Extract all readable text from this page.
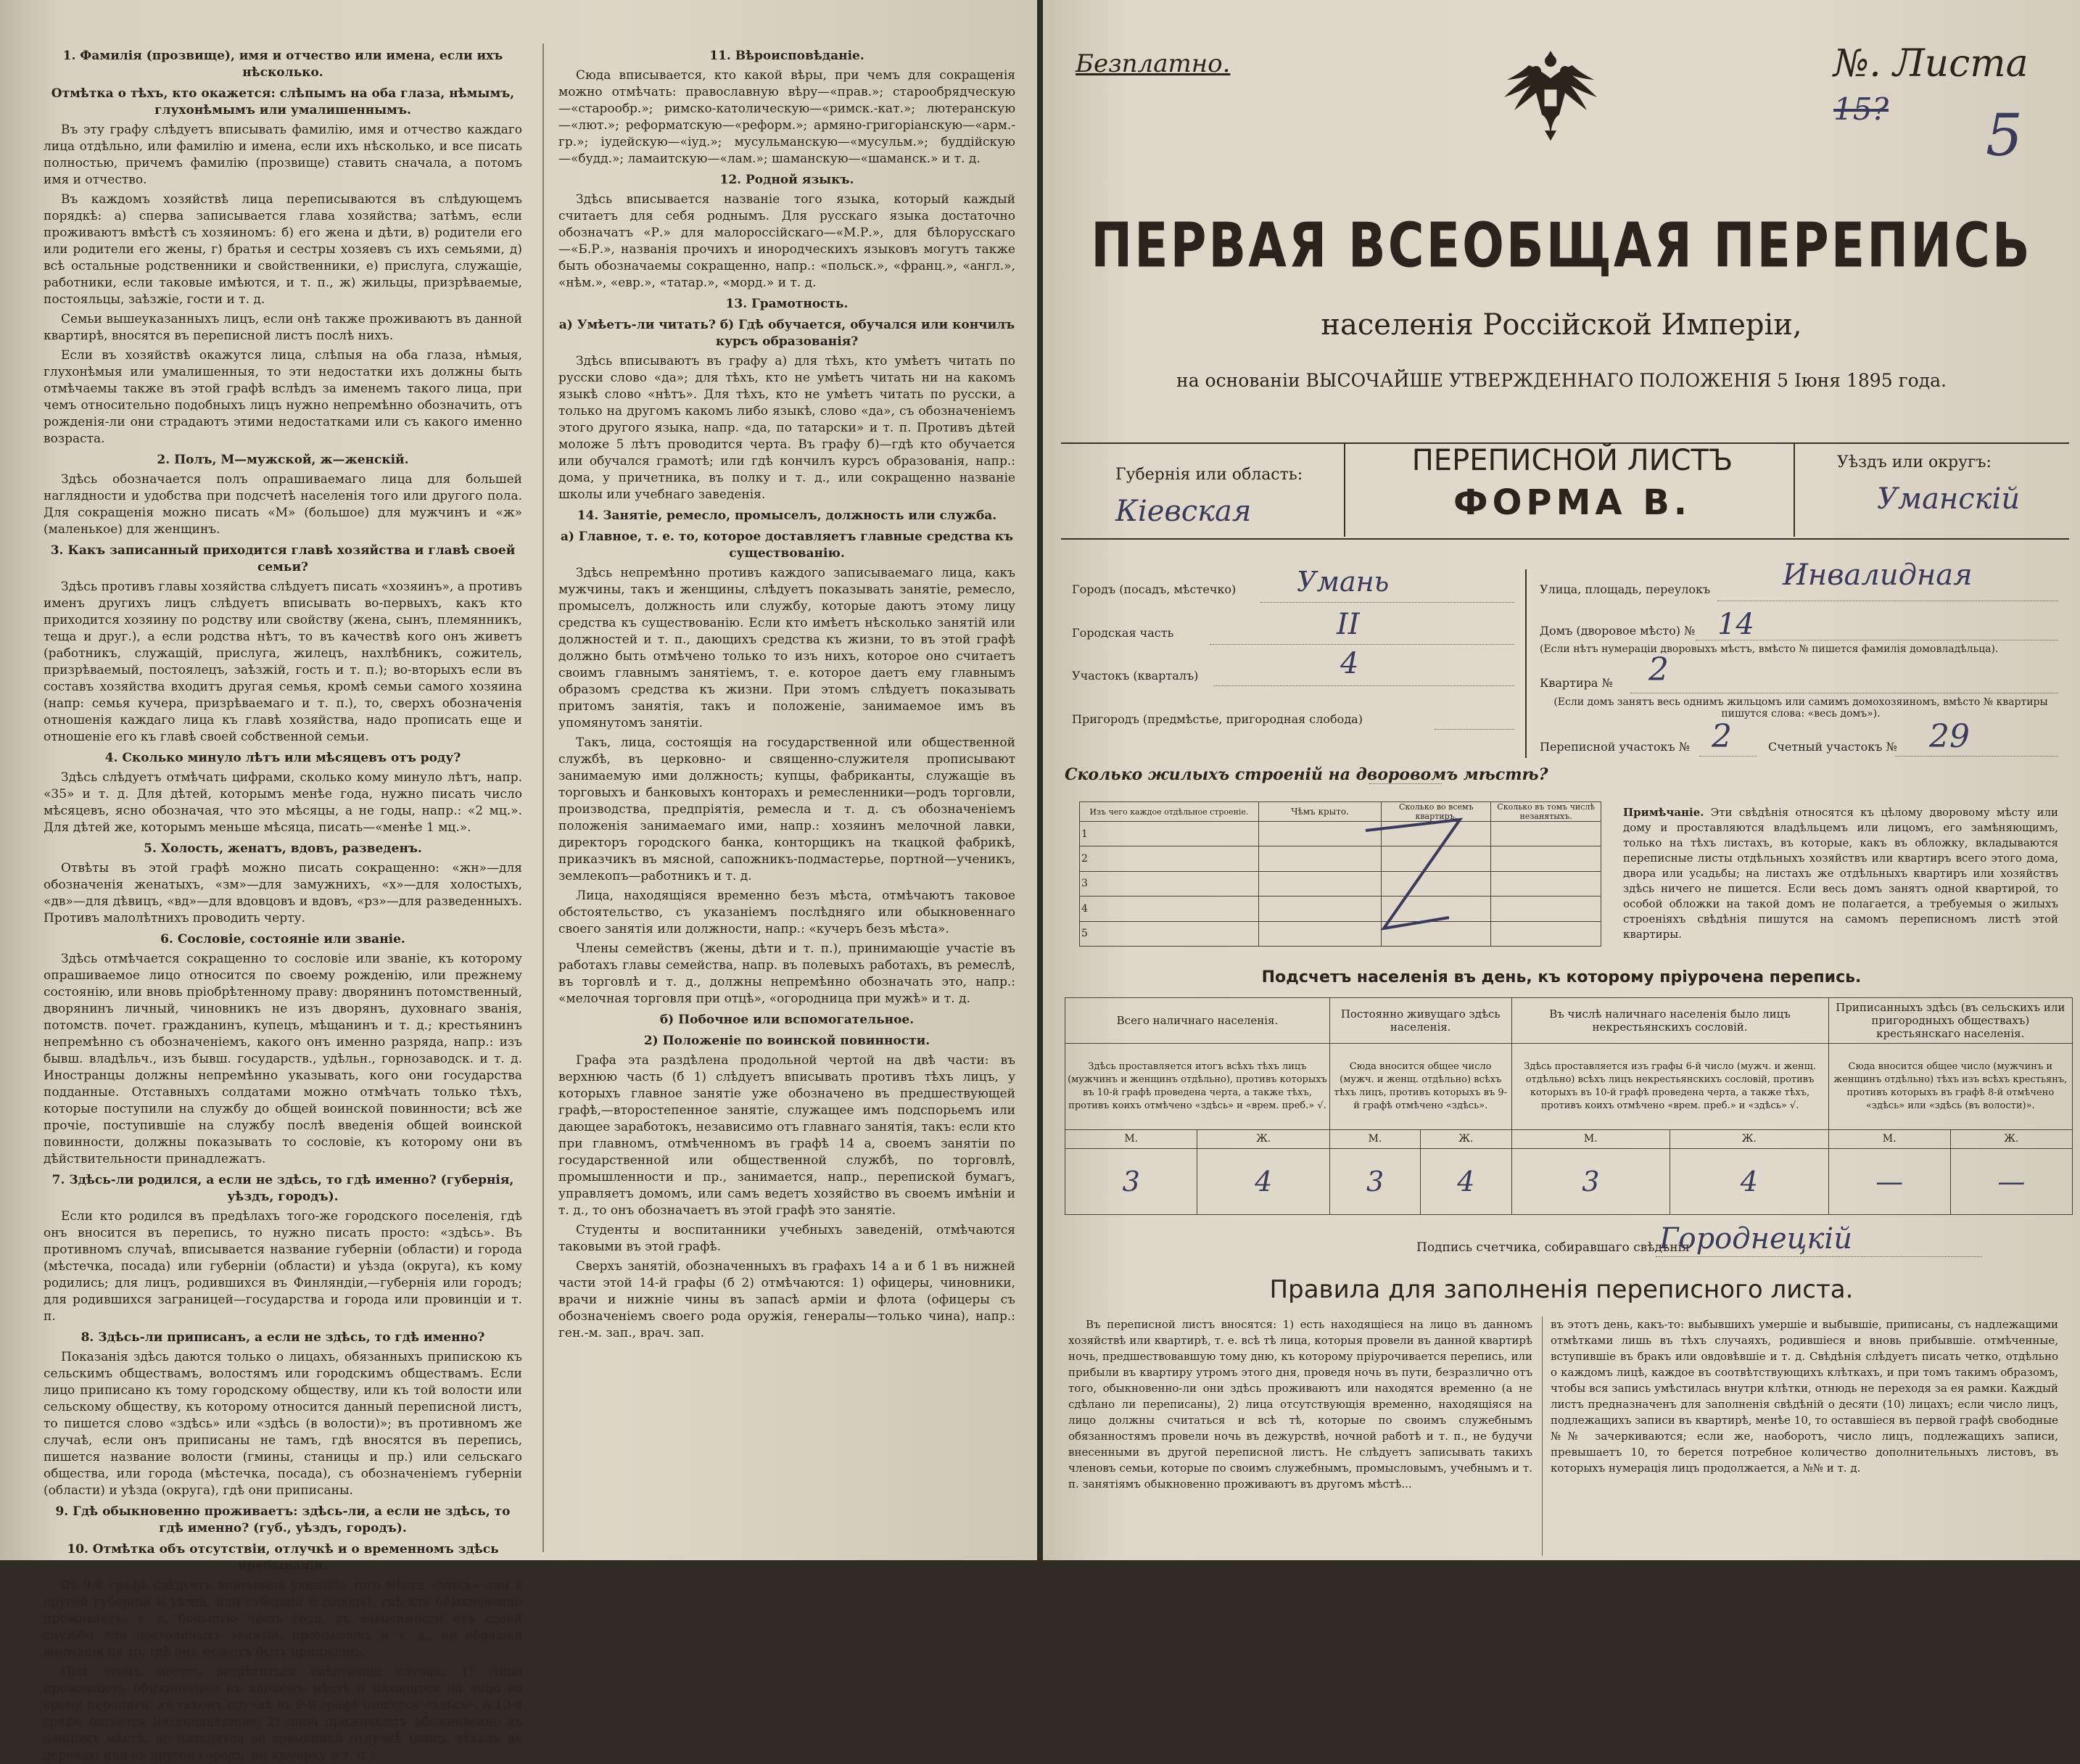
1. Фамилія (прозвище), имя и отчество или имена, если ихъ нѣсколько.
Отмѣтка о тѣхъ, кто окажется: слѣпымъ на оба глаза, нѣмымъ, глухонѣмымъ или умалишеннымъ.

Въ эту графу слѣдуетъ вписывать фамилію, имя и отчество каждаго лица отдѣльно, или фамилію и имена, если ихъ нѣсколько, и все писать полностью, причемъ фамилію (прозвище) ставить сначала, а потомъ имя и отчество.

Въ каждомъ хозяйствѣ лица переписываются въ слѣдующемъ порядкѣ: а) сперва записывается глава хозяйства; затѣмъ, если проживаютъ вмѣстѣ съ хозяиномъ: б) его жена и дѣти, в) родители его или родители его жены, г) братья и сестры хозяевъ съ ихъ семьями, д) всѣ остальные родственники и свойственники, е) прислуга, служащіе, работники, если таковые имѣются, и т. п., ж) жильцы, призрѣваемые, постояльцы, заѣзжіе, гости и т. д.

Семьи вышеуказанныхъ лицъ, если онѣ также проживаютъ въ данной квартирѣ, вносятся въ переписной листъ послѣ нихъ.

Если въ хозяйствѣ окажутся лица, слѣпыя на оба глаза, нѣмыя, глухонѣмыя или умалишенныя, то эти недостатки ихъ должны быть отмѣчаемы также въ этой графѣ вслѣдъ за именемъ такого лица, при чемъ относительно подобныхъ лицъ нужно непремѣнно обозначить, отъ рожденія-ли они страдаютъ этими недостатками или съ какого именно возраста.

2. Полъ, М—мужской, ж—женскій.

Здѣсь обозначается полъ опрашиваемаго лица для большей наглядности и удобства при подсчетѣ населенія того или другого пола. Для сокращенія можно писать «М» (большое) для мужчинъ и «ж» (маленькое) для женщинъ.

3. Какъ записанный приходится главѣ хозяйства и главѣ своей семьи?

Здѣсь противъ главы хозяйства слѣдуетъ писать «хозяинъ», а противъ именъ другихъ лицъ слѣдуетъ вписывать во-первыхъ, какъ кто приходится хозяину по родству или свойству (жена, сынъ, племянникъ, теща и друг.), а если родства нѣтъ, то въ качествѣ кого онъ живетъ (работникъ, служащій, прислуга, жилецъ, нахлѣбникъ, сожитель, призрѣваемый, постоялецъ, заѣзжій, гость и т. п.); во-вторыхъ если въ составъ хозяйства входитъ другая семья, кромѣ семьи самого хозяина (напр: семья кучера, призрѣваемаго и т. п.), то, сверхъ обозначенія отношенія каждаго лица къ главѣ хозяйства, надо прописать еще и отношеніе его къ главѣ своей собственной семьи.

4. Сколько минуло лѣтъ или мѣсяцевъ отъ роду?

Здѣсь слѣдуетъ отмѣчать цифрами, сколько кому минуло лѣтъ, напр. «35» и т. д. Для дѣтей, которымъ менѣе года, нужно писать число мѣсяцевъ, ясно обозначая, что это мѣсяцы, а не годы, напр.: «2 мц.». Для дѣтей же, которымъ меньше мѣсяца, писать—«менѣе 1 мц.».

5. Холость, женатъ, вдовъ, разведенъ.

Отвѣты въ этой графѣ можно писать сокращенно: «жн»—для обозначенія женатыхъ, «зм»—для замужнихъ, «х»—для холостыхъ, «дв»—для дѣвицъ, «вд»—для вдовцовъ и вдовъ, «рз»—для разведенныхъ. Противъ малолѣтнихъ проводить черту.

6. Сословіе, состояніе или званіе.

Здѣсь отмѣчается сокращенно то сословіе или званіе, къ которому опрашиваемое лицо относится по своему рожденію, или прежнему состоянію, или вновь пріобрѣтенному праву: дворянинъ потомственный, дворянинъ личный, чиновникъ не изъ дворянъ, духовнаго званія, потомств. почет. гражданинъ, купецъ, мѣщанинъ и т. д.; крестьянинъ непремѣнно съ обозначеніемъ, какого онъ именно разряда, напр.: изъ бывш. владѣльч., изъ бывш. государств., удѣльн., горнозаводск. и т. д. Иностранцы должны непремѣнно указывать, кого они государства подданные. Отставныхъ солдатами можно отмѣчать только тѣхъ, которые поступили на службу до общей воинской повинности; всѣ же прочіе, поступившіе на службу послѣ введенія общей воинской повинности, должны показывать то сословіе, къ которому они въ дѣйствительности принадлежатъ.

7. Здѣсь-ли родился, а если не здѣсь, то гдѣ именно? (губернія, уѣздъ, городъ).

Если кто родился въ предѣлахъ того-же городского поселенія, гдѣ онъ вносится въ перепись, то нужно писать просто: «здѣсь». Въ противномъ случаѣ, вписывается название губерніи (области) и города (мѣстечка, посада) или губерніи (области) и уѣзда (округа), къ кому родились; для лицъ, родившихся въ Финляндіи,—губернія или городъ; для родившихся заграницей—государства и города или провинціи и т. п.

8. Здѣсь-ли приписанъ, а если не здѣсь, то гдѣ именно?

Показанія здѣсь даются только о лицахъ, обязанныхъ припискою къ сельскимъ обществамъ, волостямъ или городскимъ обществамъ. Если лицо приписано къ тому городскому обществу, или къ той волости или сельскому обществу, къ которому относится данный переписной листъ, то пишется слово «здѣсь» или «здѣсь (в волости)»; въ противномъ же случаѣ, если онъ приписаны не тамъ, гдѣ вносятся въ перепись, пишется название волости (гмины, станицы и пр.) или сельскаго общества, или города (мѣстечка, посада), съ обозначеніемъ губерніи (области) и уѣзда (округа), гдѣ они приписаны.

9. Гдѣ обыкновенно проживаетъ: здѣсь-ли, а если не здѣсь, то гдѣ именно? (губ., уѣздъ, городъ).
10. Отмѣтка объ отсутствіи, отлучкѣ и о временномъ здѣсь пребываніи.

Въ 9-й графѣ слѣдуетъ вписывать указаніе того мѣста «здѣсь» или в другой губерніи и уѣзда, или губерніи и города), гдѣ кто обыкновенно проживаетъ, т. е. большую часть года, въ зависимости отъ своей службы или постоянныхъ занятій, промысловъ и т. д., не обращая вниманія на то, гдѣ онъ можетъ быть приписанъ.

При этомъ могутъ встрѣтиться слѣдующіе случаи: 1) Лица проживаютъ обыкновенно въ данномъ мѣстѣ и находятся на лицо во время переписи: въ такомъ случаѣ въ 9-й графѣ пишется «здѣсь», а 10-я графа остается незаполненною; 2) лица проживаютъ обыкновенно въ данномъ мѣстѣ, но находятся во временной отлучкѣ (напр. уѣхалъ въ деревню или въ другой городъ, на ярмарку и т. п.).

11. Вѣроисповѣданіе.

Сюда вписывается, кто какой вѣры, при чемъ для сокращенія можно отмѣчать: православную вѣру—«прав.»; старообрядческую—«старообр.»; римско-католическую—«римск.-кат.»; лютеранскую—«лют.»; реформатскую—«реформ.»; армяно-григоріанскую—«арм.-гр.»; іудейскую—«іуд.»; мусульманскую—«мусульм.»; буддійскую—«будд.»; ламаитскую—«лам.»; шаманскую—«шаманск.» и т. д.

12. Родной языкъ.

Здѣсь вписывается названіе того языка, который каждый считаетъ для себя роднымъ. Для русскаго языка достаточно обозначатъ «Р.» для малороссійскаго—«М.Р.», для бѣлорусскаго—«Б.Р.», названія прочихъ и инородческихъ языковъ могутъ также быть обозначаемы сокращенно, напр.: «польск.», «франц.», «англ.», «нѣм.», «евр.», «татар.», «морд.» и т. д.

13. Грамотность.
а) Умѣетъ-ли читать? б) Гдѣ обучается, обучался или кончилъ курсъ образованія?

Здѣсь вписываютъ въ графу а) для тѣхъ, кто умѣетъ читать по русски слово «да»; для тѣхъ, кто не умѣетъ читать ни на какомъ языкѣ слово «нѣтъ». Для тѣхъ, кто не умѣетъ читать по русски, а только на другомъ какомъ либо языкѣ, слово «да», съ обозначеніемъ этого другого языка, напр. «да, по татарски» и т. п. Противъ дѣтей моложе 5 лѣтъ проводится черта. Въ графу б)—гдѣ кто обучается или обучался грамотѣ; или гдѣ кончилъ курсъ образованія, напр.: дома, у причетника, въ полку и т. д., или сокращенно названіе школы или учебнаго заведенія.

14. Занятіе, ремесло, промыселъ, должность или служба.
а) Главное, т. е. то, которое доставляетъ главные средства къ существованію.

Здѣсь непремѣнно противъ каждого записываемаго лица, какъ мужчины, такъ и женщины, слѣдуетъ показывать занятіе, ремесло, промыселъ, должность или службу, которые даютъ этому лицу средства къ существованію. Если кто имѣетъ нѣсколько занятій или должностей и т. п., дающихъ средства къ жизни, то въ этой графѣ должно быть отмѣчено только то изъ нихъ, которое оно считаетъ своимъ главнымъ занятіемъ, т. е. которое даетъ ему главнымъ образомъ средства къ жизни. При этомъ слѣдуетъ показывать притомъ занятія, такъ и положеніе, занимаемое имъ въ упомянутомъ занятіи.

Такъ, лица, состоящія на государственной или общественной службѣ, въ церковно- и священно-служителя прописывают занимаемую ими должность; купцы, фабриканты, служащіе въ торговыхъ и банковыхъ конторахъ и ремесленники—родъ торговли, производства, предпріятія, ремесла и т. д. съ обозначеніемъ положенія занимаемаго ими, напр.: хозяинъ мелочной лавки, директоръ городского банка, конторщикъ на ткацкой фабрикѣ, приказчикъ въ мясной, сапожникъ-подмастерье, портной—ученикъ, землекопъ—работникъ и т. д.

Лица, находящіяся временно безъ мѣста, отмѣчаютъ таковое обстоятельство, съ указаніемъ послѣдняго или обыкновеннаго своего занятія или должности, напр.: «кучеръ безъ мѣста».

Члены семействъ (жены, дѣти и т. п.), принимающіе участіе въ работахъ главы семейства, напр. въ полевыхъ работахъ, въ ремеслѣ, въ торговлѣ и т. д., должны непремѣнно обозначать это, напр.: «мелочная торговля при отцѣ», «огородница при мужѣ» и т. д.

б) Побочное или вспомогательное.
2) Положеніе по воинской повинности.

Графа эта раздѣлена продольной чертой на двѣ части: въ верхнюю часть (б 1) слѣдуетъ вписывать противъ тѣхъ лицъ, у которыхъ главное занятіе уже обозначено въ предшествующей графѣ,—второстепенное занятіе, служащее имъ подспорьемъ или дающее заработокъ, независимо отъ главнаго занятія, такъ: если кто при главномъ, отмѣченномъ въ графѣ 14 а, своемъ занятіи по государственной или общественной службѣ, по торговлѣ, промышленности и пр., занимается, напр., перепиской бумагъ, управляетъ домомъ, или самъ ведетъ хозяйство въ своемъ имѣніи и т. д., то онъ обозначаетъ въ этой графѣ это занятіе.

Студенты и воспитанники учебныхъ заведеній, отмѣчаются таковыми въ этой графѣ.

Сверхъ занятій, обозначенныхъ въ графахъ 14 а и б 1 въ нижней части этой 14-й графы (б 2) отмѣчаются: 1) офицеры, чиновники, врачи и нижніе чины въ запасѣ арміи и флота (офицеры съ обозначеніемъ своего рода оружія, генералы—только чина), напр.: ген.-м. зап., врач. зап.

Безплатно.	№. Листа 15?	5
ПЕРВАЯ ВСЕОБЩАЯ ПЕРЕПИСЬ
населенія Россійской Имперіи,
на основаніи ВЫСОЧАЙШЕ УТВЕРЖДЕННАГО ПОЛОЖЕНІЯ 5 Іюня 1895 года.
Губернія или область:
Кіевская
ПЕРЕПИСНОЙ ЛИСТЪ
ФОРМА В.
Уѣздъ или округъ:
Уманскій
Городъ (посадъ, мѣстечко) Умань
Городская часть	II
Участокъ (кварталъ)	4
Пригородъ (предмѣстье, пригородная слобода)
Улица, площадь, переулокъ Инвалидная
Домъ (дворовое мѣсто) № 14
(Если нѣтъ нумераціи дворовыхъ мѣстъ, вмѣсто № пишется фамилія домовладѣльца).
Квартира № 2
(Если домъ занятъ весь однимъ жильцомъ или самимъ домохозяиномъ, вмѣсто № квартиры пишутся слова: «весь домъ»).
Переписной участокъ № 2	Счетный участокъ № 29
Сколько жилыхъ строеній на дворовомъ мѣстѣ?
Изъ чего каждое отдѣльное строеніе.	Чѣмъ крыто.	Сколько во всемъ квартиръ.	Сколько въ томъ числѣ незанятыхъ.
1			
2			
3			
4			
5			
Примѣчаніе. Эти свѣдѣнія относятся къ цѣлому дворовому мѣсту или дому и проставляются владѣльцемъ или лицомъ, его замѣняющимъ, только на тѣхъ листахъ, въ которые, какъ въ обложку, вкладываются переписные листы отдѣльныхъ хозяйствъ или квартиръ всего этого дома, двора или усадьбы; на листахъ же отдѣльныхъ квартиръ или хозяйствъ здѣсь ничего не пишется. Если весь домъ занятъ одной квартирой, то особой обложки на такой домъ не полагается, а требуемыя о жилыхъ строеніяхъ свѣдѣнія пишутся на самомъ переписномъ листѣ этой квартиры.
Подсчетъ населенія въ день, къ которому пріурочена перепись.
Всего наличнаго населенія.		Постоянно живущаго здѣсь населенія.		Въ числѣ наличнаго населенія было лицъ некрестьянскихъ сословій.		Приписанныхъ здѣсь (въ сельскихъ или пригородныхъ обществахъ) крестьянскаго населенія.	
Здѣсь проставляется итогъ всѣхъ тѣхъ лицъ (мужчинъ и женщинъ отдѣльно), противъ которыхъ въ 10-й графѣ проведена черта, а также тѣхъ, противъ коихъ отмѣчено «здѣсь» и «врем. преб.» √.		Сюда вносится общее число (мужч. и женщ. отдѣльно) всѣхъ тѣхъ лицъ, противъ которыхъ въ 9-й графѣ отмѣчено «здѣсь».		Здѣсь проставляется изъ графы 6-й число (мужч. и женщ. отдѣльно) всѣхъ лицъ некрестьянскихъ сословій, противъ которыхъ въ 10-й графѣ проведена черта, а также тѣхъ, противъ коихъ отмѣчено «врем. преб.» и «здѣсь» √.		Сюда вносится общее число (мужчинъ и женщинъ отдѣльно) тѣхъ изъ всѣхъ крестьянъ, противъ которыхъ въ графѣ 8-й отмѣчено «здѣсь» или «здѣсь (въ волости)».	
М.	Ж.	М.	Ж.	М.	Ж.	М.	Ж.
3	4	3	4	3	4	—	—
Подпись счетчика, собиравшаго свѣдѣнія
Городнецкій
Правила для заполненія переписного листа.
Въ переписной листъ вносятся: 1) есть находящіеся на лицо въ данномъ хозяйствѣ или квартирѣ, т. е. всѣ тѣ лица, которыя провели въ данной квартирѣ ночь, предшествовавшую тому дню, къ которому пріурочивается перепись, или прибыли въ квартиру утромъ этого дня, проведя ночь въ пути, безразлично отъ того, обыкновенно-ли они здѣсь проживаютъ или находятся временно (а не сдѣлано ли переписаны), 2) лица отсутствующія временно, находящіяся на лицо должны считаться и всѣ тѣ, которые по своимъ служебнымъ обязанностямъ провели ночь въ дежурствѣ, ночной работѣ и т. п., не будучи внесенными въ другой переписной листъ. Не слѣдуетъ записывать такихъ членовъ семьи, которые по своимъ служебнымъ, промысловымъ, учебнымъ и т. п. занятіямъ обыкновенно проживаютъ въ другомъ мѣстѣ...
въ этотъ день, какъ-то: выбывшихъ умершіе и выбывшіе, приписаны, съ надлежащими отмѣтками лишь въ тѣхъ случаяхъ, родившіеся и вновь прибывшіе. отмѣченные, вступившіе въ бракъ или овдовѣвшіе и т. д. Свѣдѣнія слѣдуетъ писать четко, отдѣльно о каждомъ лицѣ, каждое въ соотвѣтствующихъ клѣткахъ, и при томъ такимъ образомъ, чтобы вся запись умѣстилась внутри клѣтки, отнюдь не переходя за ея рамки. Каждый листъ предназначенъ для заполненія свѣдѣній о десяти (10) лицахъ; если число лицъ, подлежащихъ записи въ квартирѣ, менѣе 10, то оставшіеся въ первой графѣ свободные №№ зачеркиваются; если же, наоборотъ, число лицъ, подлежащихъ записи, превышаетъ 10, то берется потребное количество дополнительныхъ листовъ, въ которыхъ нумерація лицъ продолжается, а №№ и т. д.
